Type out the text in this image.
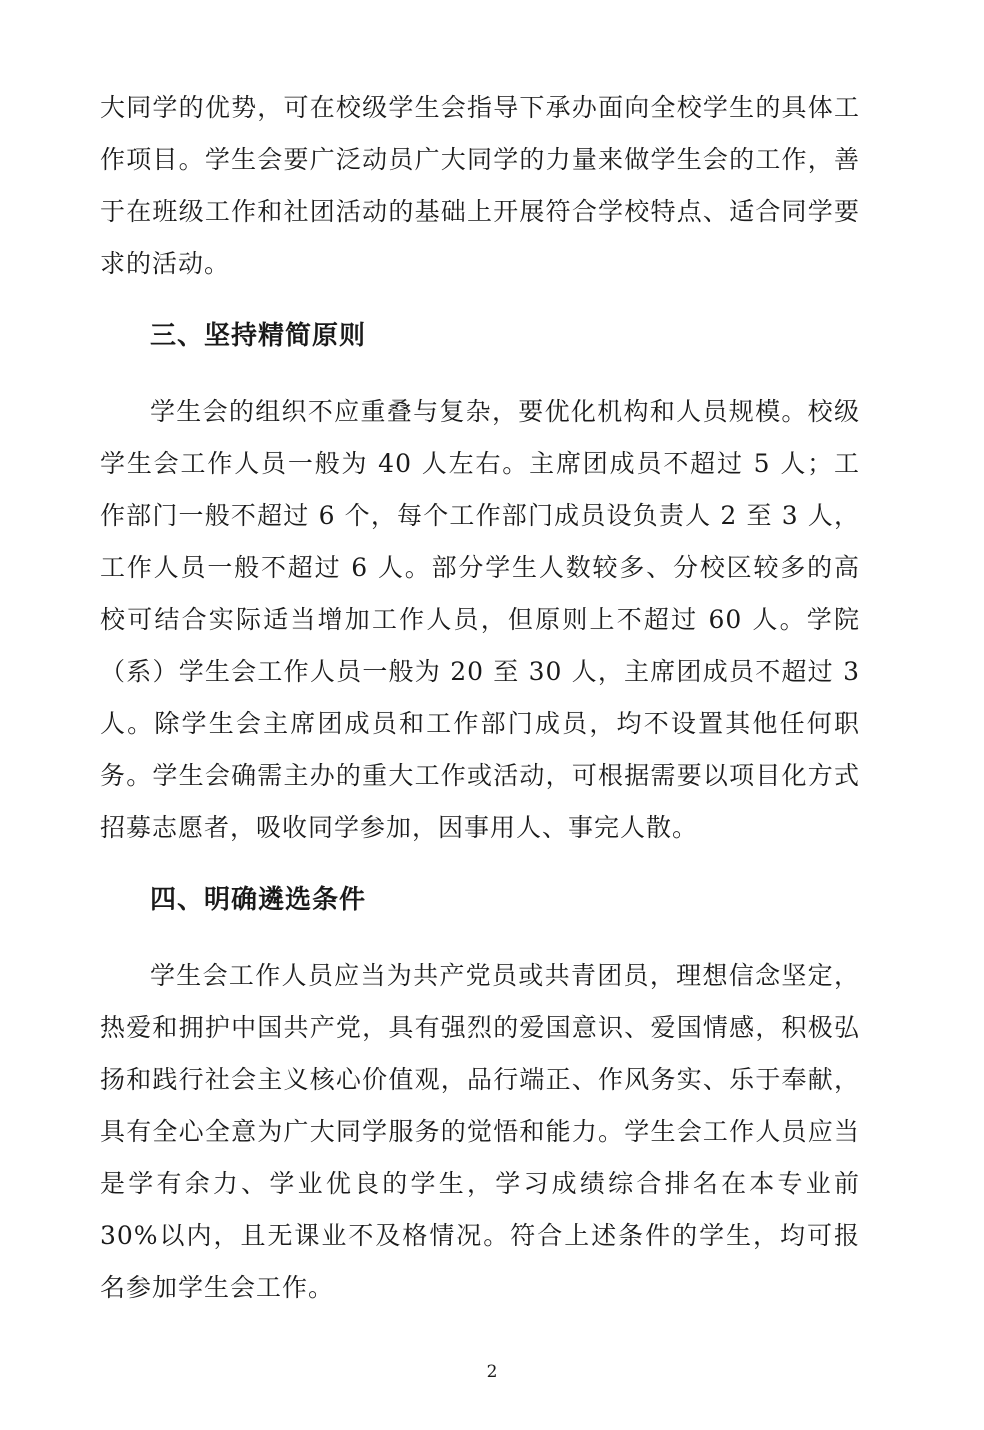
大同学的优势，可在校级学生会指导下承办面向全校学生的具体工作项目。学生会要广泛动员广大同学的力量来做学生会的工作，善于在班级工作和社团活动的基础上开展符合学校特点、适合同学要求的活动。

三、坚持精简原则

学生会的组织不应重叠与复杂，要优化机构和人员规模。校级学生会工作人员一般为 40 人左右。主席团成员不超过 5 人；工作部门一般不超过 6 个，每个工作部门成员设负责人 2 至 3 人，工作人员一般不超过 6 人。部分学生人数较多、分校区较多的高校可结合实际适当增加工作人员，但原则上不超过 60 人。学院（系）学生会工作人员一般为 20 至 30 人，主席团成员不超过 3 人。除学生会主席团成员和工作部门成员，均不设置其他任何职务。学生会确需主办的重大工作或活动，可根据需要以项目化方式招募志愿者，吸收同学参加，因事用人、事完人散。

四、明确遴选条件

学生会工作人员应当为共产党员或共青团员，理想信念坚定，热爱和拥护中国共产党，具有强烈的爱国意识、爱国情感，积极弘扬和践行社会主义核心价值观，品行端正、作风务实、乐于奉献，具有全心全意为广大同学服务的觉悟和能力。学生会工作人员应当是学有余力、学业优良的学生，学习成绩综合排名在本专业前 30%以内，且无课业不及格情况。符合上述条件的学生，均可报名参加学生会工作。

2
